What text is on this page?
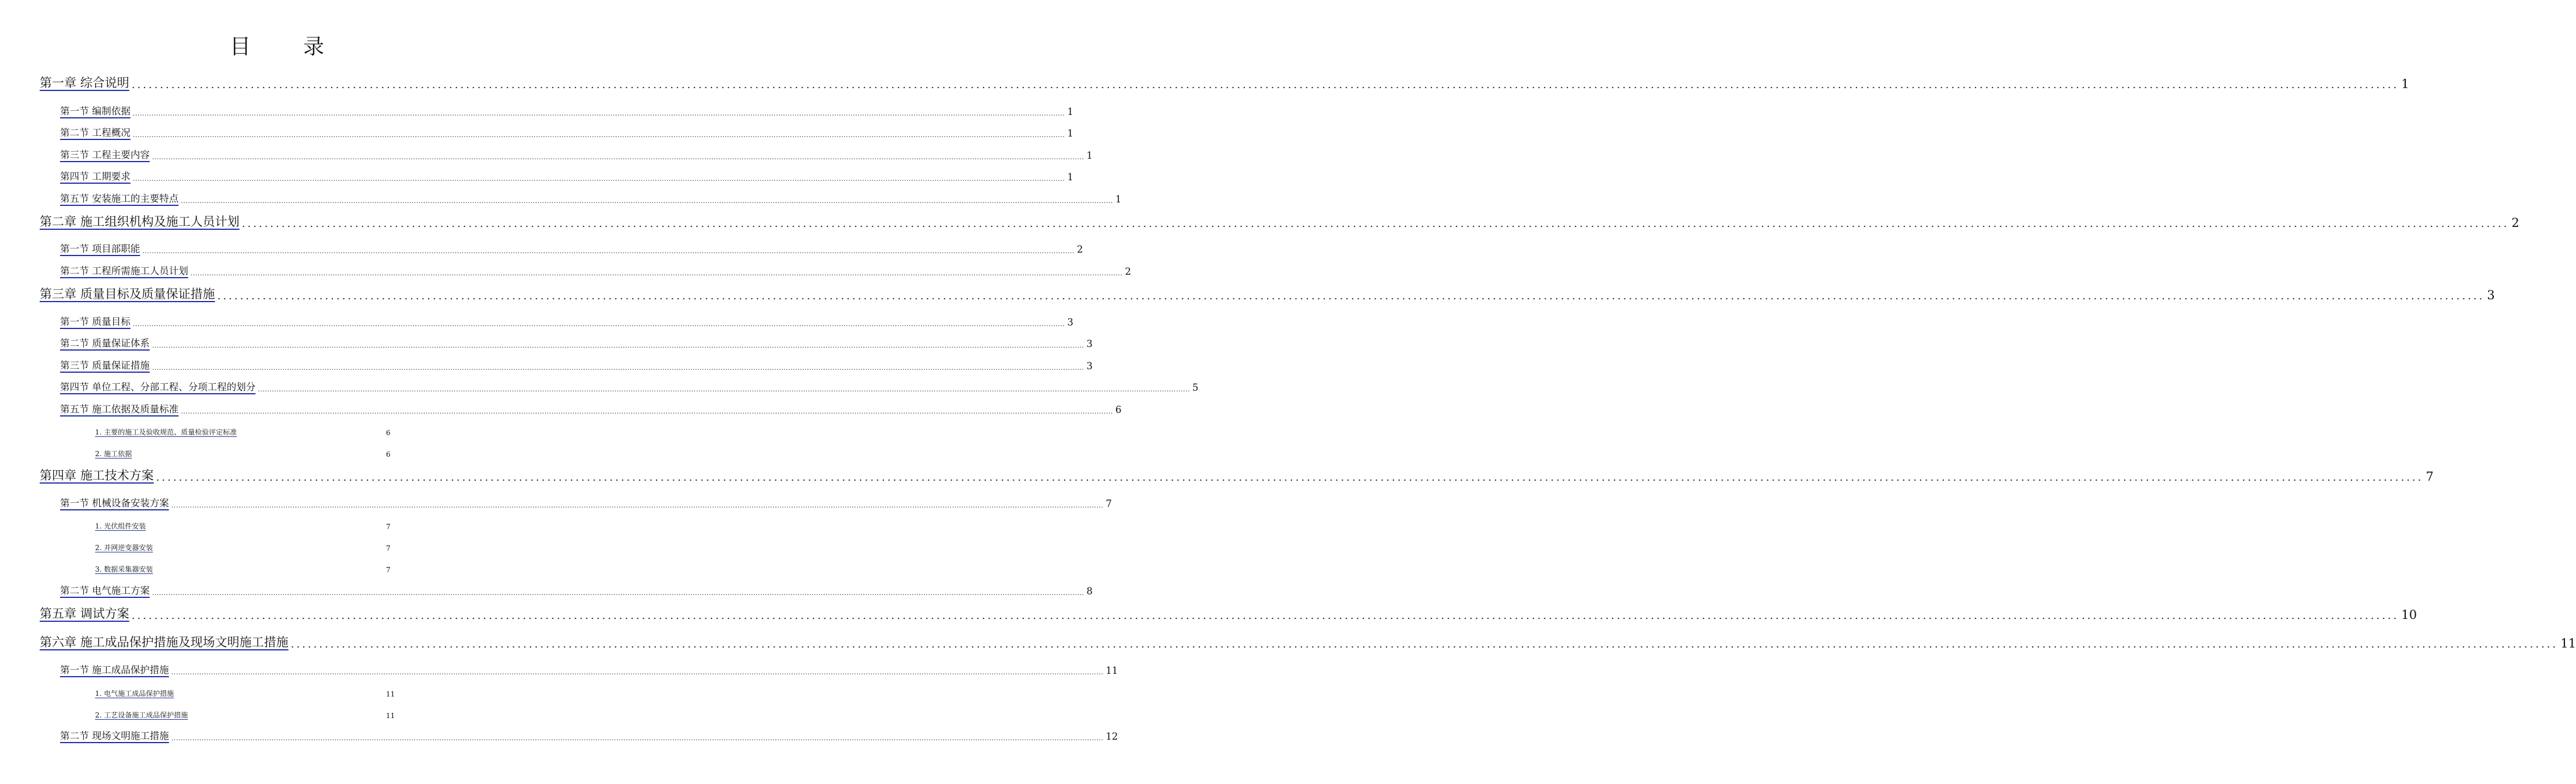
目	录
第一章 综合说明 ................................................................................................................................................................................................................................................................................................................................................................................................................ 1
第一节 编制依据 ................................................................................................................................................................................................................................................................................................................................................................................................................ 1
第二节 工程概况 ................................................................................................................................................................................................................................................................................................................................................................................................................ 1
第三节 工程主要内容 ................................................................................................................................................................................................................................................................................................................................................................................................................ 1
第四节 工期要求 ................................................................................................................................................................................................................................................................................................................................................................................................................ 1
第五节 安装施工的主要特点 ................................................................................................................................................................................................................................................................................................................................................................................................................ 1
第二章 施工组织机构及施工人员计划 ................................................................................................................................................................................................................................................................................................................................................................................................................ 2
第一节 项目部职能 ................................................................................................................................................................................................................................................................................................................................................................................................................ 2
第二节 工程所需施工人员计划 ................................................................................................................................................................................................................................................................................................................................................................................................................ 2
第三章 质量目标及质量保证措施 ................................................................................................................................................................................................................................................................................................................................................................................................................ 3
第一节 质量目标 ................................................................................................................................................................................................................................................................................................................................................................................................................ 3
第二节 质量保证体系 ................................................................................................................................................................................................................................................................................................................................................................................................................ 3
第三节 质量保证措施 ................................................................................................................................................................................................................................................................................................................................................................................................................ 3
第四节 单位工程、分部工程、分项工程的划分 ................................................................................................................................................................................................................................................................................................................................................................................................................ 5
第五节 施工依据及质量标准 ................................................................................................................................................................................................................................................................................................................................................................................................................ 6
1. 主要的施工及验收规范、质量检验评定标准	6
2. 施工依据	6
第四章 施工技术方案 ................................................................................................................................................................................................................................................................................................................................................................................................................ 7
第一节 机械设备安装方案 ................................................................................................................................................................................................................................................................................................................................................................................................................ 7
1. 光伏组件安装	7
2. 并网逆变器安装	7
3. 数据采集器安装	7
第二节 电气施工方案 ................................................................................................................................................................................................................................................................................................................................................................................................................ 8
第五章 调试方案 ................................................................................................................................................................................................................................................................................................................................................................................................................ 10
第六章 施工成品保护措施及现场文明施工措施 ................................................................................................................................................................................................................................................................................................................................................................................................................ 11
第一节 施工成品保护措施 ................................................................................................................................................................................................................................................................................................................................................................................................................ 11
1. 电气施工成品保护措施	11
2. 工艺设备施工成品保护措施	11
第二节 现场文明施工措施 ................................................................................................................................................................................................................................................................................................................................................................................................................ 12
